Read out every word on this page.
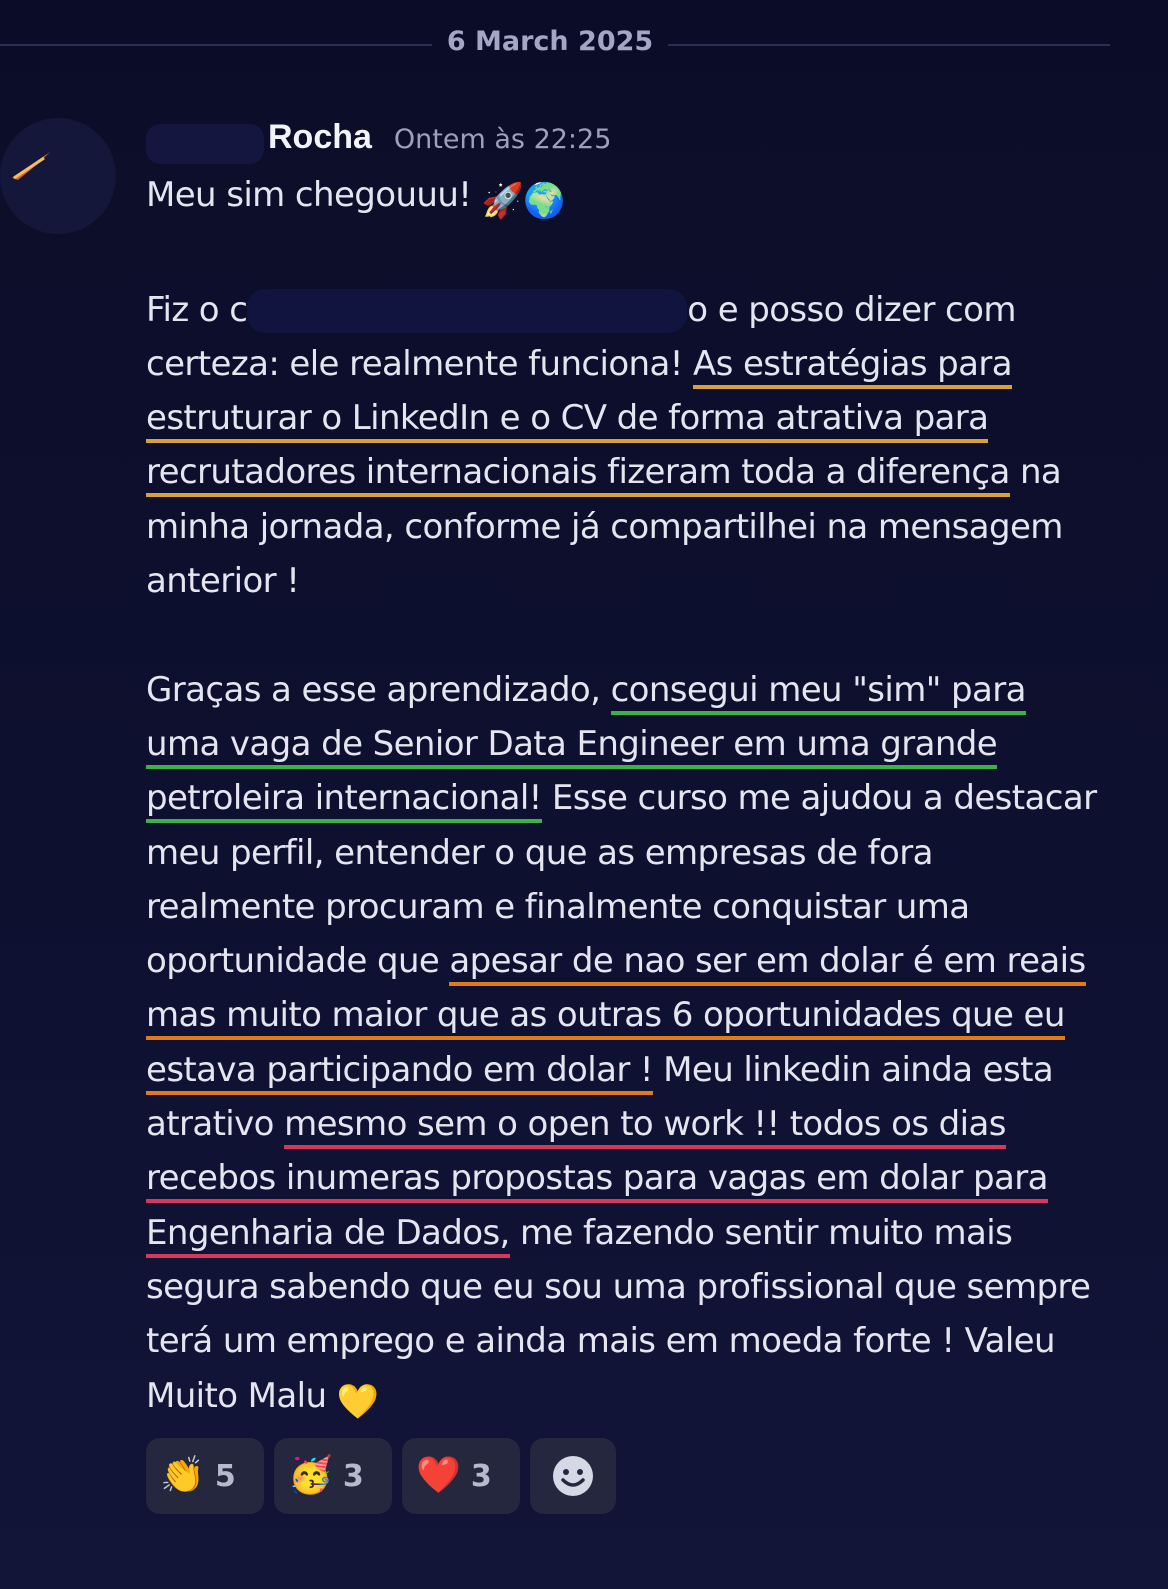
6 March 2025
Rocha Ontem às 22:25

Meu sim chegouuu! 🚀🌍

Fiz o c	o e posso dizer com certeza: ele realmente funciona! As estratégias para estruturar o LinkedIn e o CV de forma atrativa para recrutadores internacionais fizeram toda a diferença na minha jornada, conforme já compartilhei na mensagem anterior !

Graças a esse aprendizado, consegui meu "sim" para uma vaga de Senior Data Engineer em uma grande petroleira internacional! Esse curso me ajudou a destacar meu perfil, entender o que as empresas de fora realmente procuram e finalmente conquistar uma oportunidade que apesar de nao ser em dolar é em reais mas muito maior que as outras 6 oportunidades que eu estava participando em dolar ! Meu linkedin ainda esta atrativo mesmo sem o open to work !! todos os dias recebos inumeras propostas para vagas em dolar para Engenharia de Dados, me fazendo sentir muito mais segura sabendo que eu sou uma profissional que sempre terá um emprego e ainda mais em moeda forte ! Valeu Muito Malu 💛

👏 5 🥳 3 ❤️ 3
